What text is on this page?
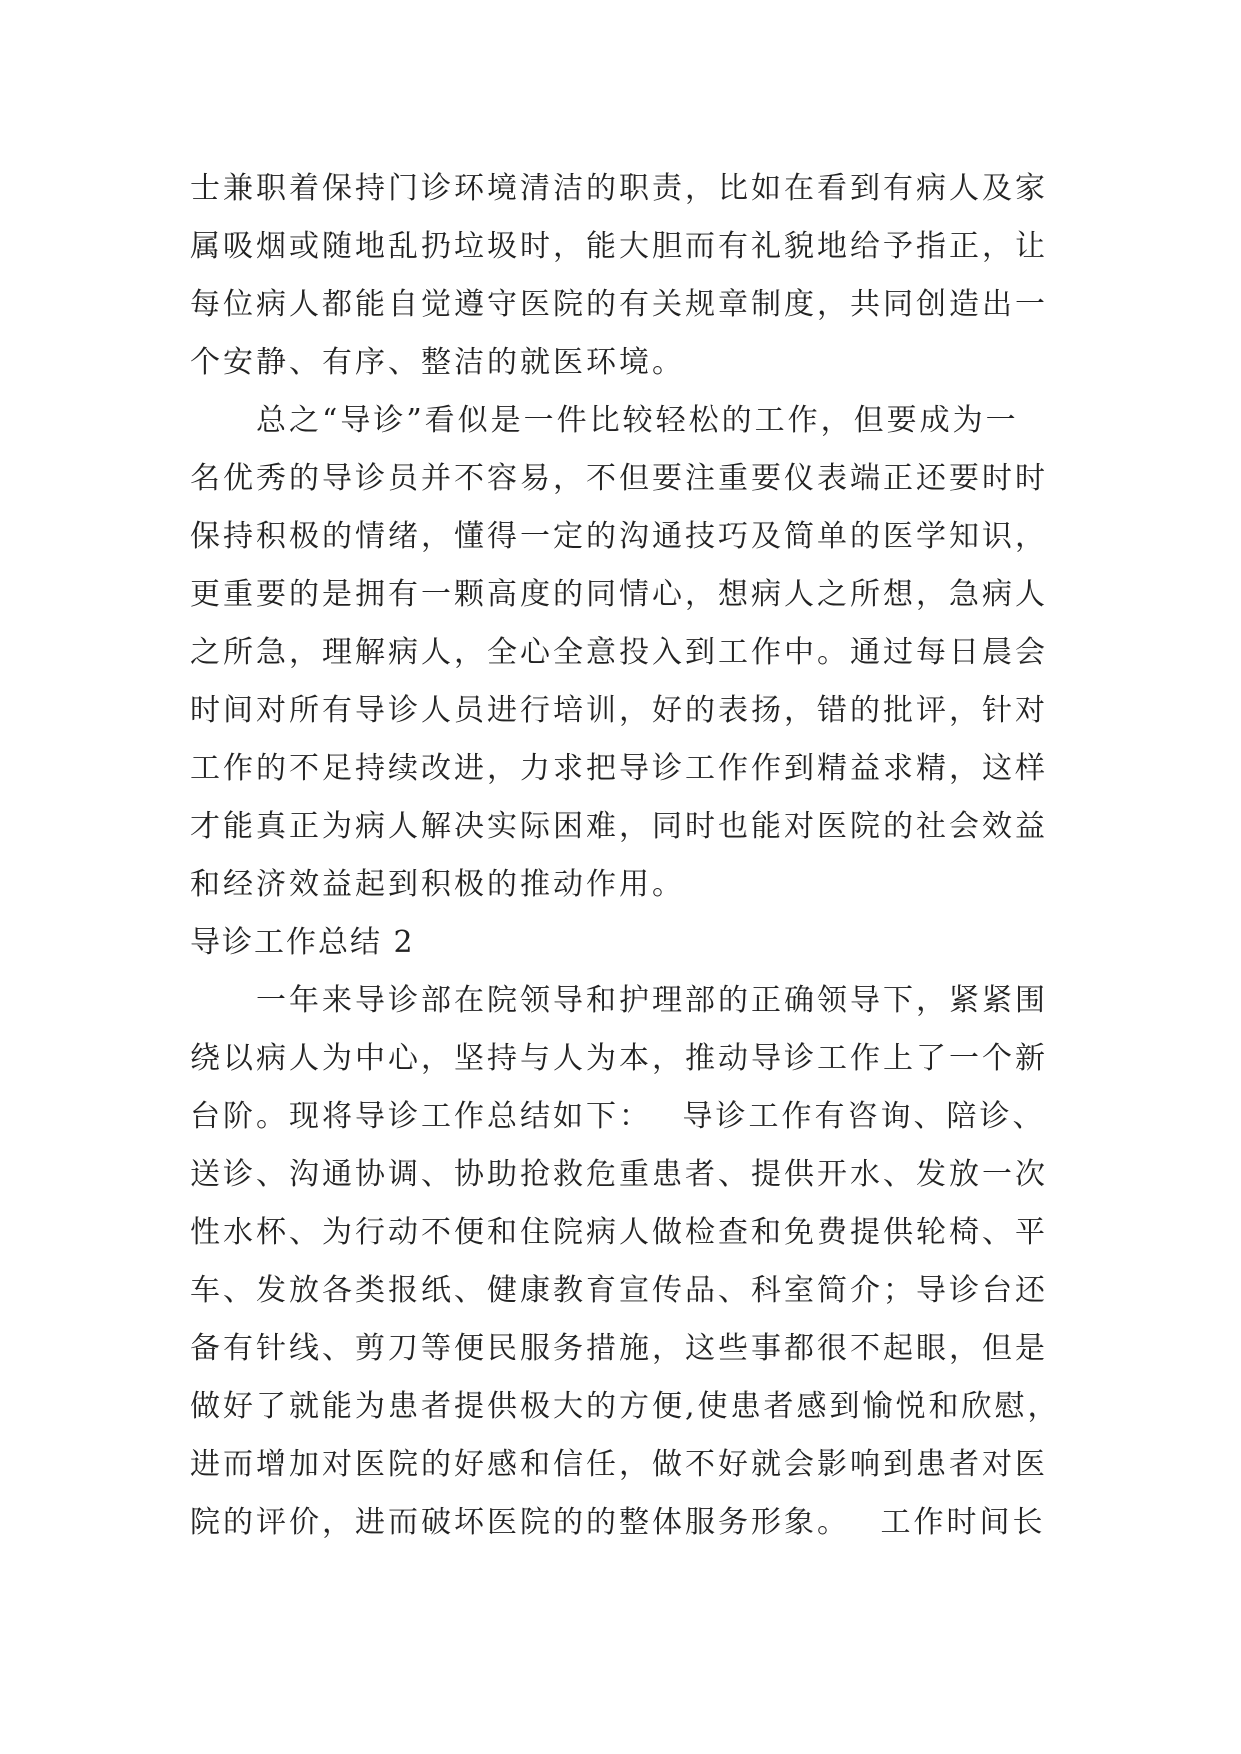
士兼职着保持门诊环境清洁的职责，比如在看到有病人及家
属吸烟或随地乱扔垃圾时，能大胆而有礼貌地给予指正，让
每位病人都能自觉遵守医院的有关规章制度，共同创造出一
个安静、有序、整洁的就医环境。
　　总之“导诊”看似是一件比较轻松的工作，但要成为一
名优秀的导诊员并不容易，不但要注重要仪表端正还要时时
保持积极的情绪，懂得一定的沟通技巧及简单的医学知识，
更重要的是拥有一颗高度的同情心，想病人之所想，急病人
之所急，理解病人，全心全意投入到工作中。通过每日晨会
时间对所有导诊人员进行培训，好的表扬，错的批评，针对
工作的不足持续改进，力求把导诊工作作到精益求精，这样
才能真正为病人解决实际困难，同时也能对医院的社会效益
和经济效益起到积极的推动作用。
导诊工作总结 2
　　一年来导诊部在院领导和护理部的正确领导下，紧紧围
绕以病人为中心，坚持与人为本，推动导诊工作上了一个新
台阶。现将导诊工作总结如下：　 导诊工作有咨询、陪诊、
送诊、沟通协调、协助抢救危重患者、提供开水、发放一次
性水杯、为行动不便和住院病人做检查和免费提供轮椅、平
车、发放各类报纸、健康教育宣传品、科室简介；导诊台还
备有针线、剪刀等便民服务措施，这些事都很不起眼，但是
做好了就能为患者提供极大的方便,使患者感到愉悦和欣慰，
进而增加对医院的好感和信任，做不好就会影响到患者对医
院的评价，进而破坏医院的的整体服务形象。　 工作时间长
